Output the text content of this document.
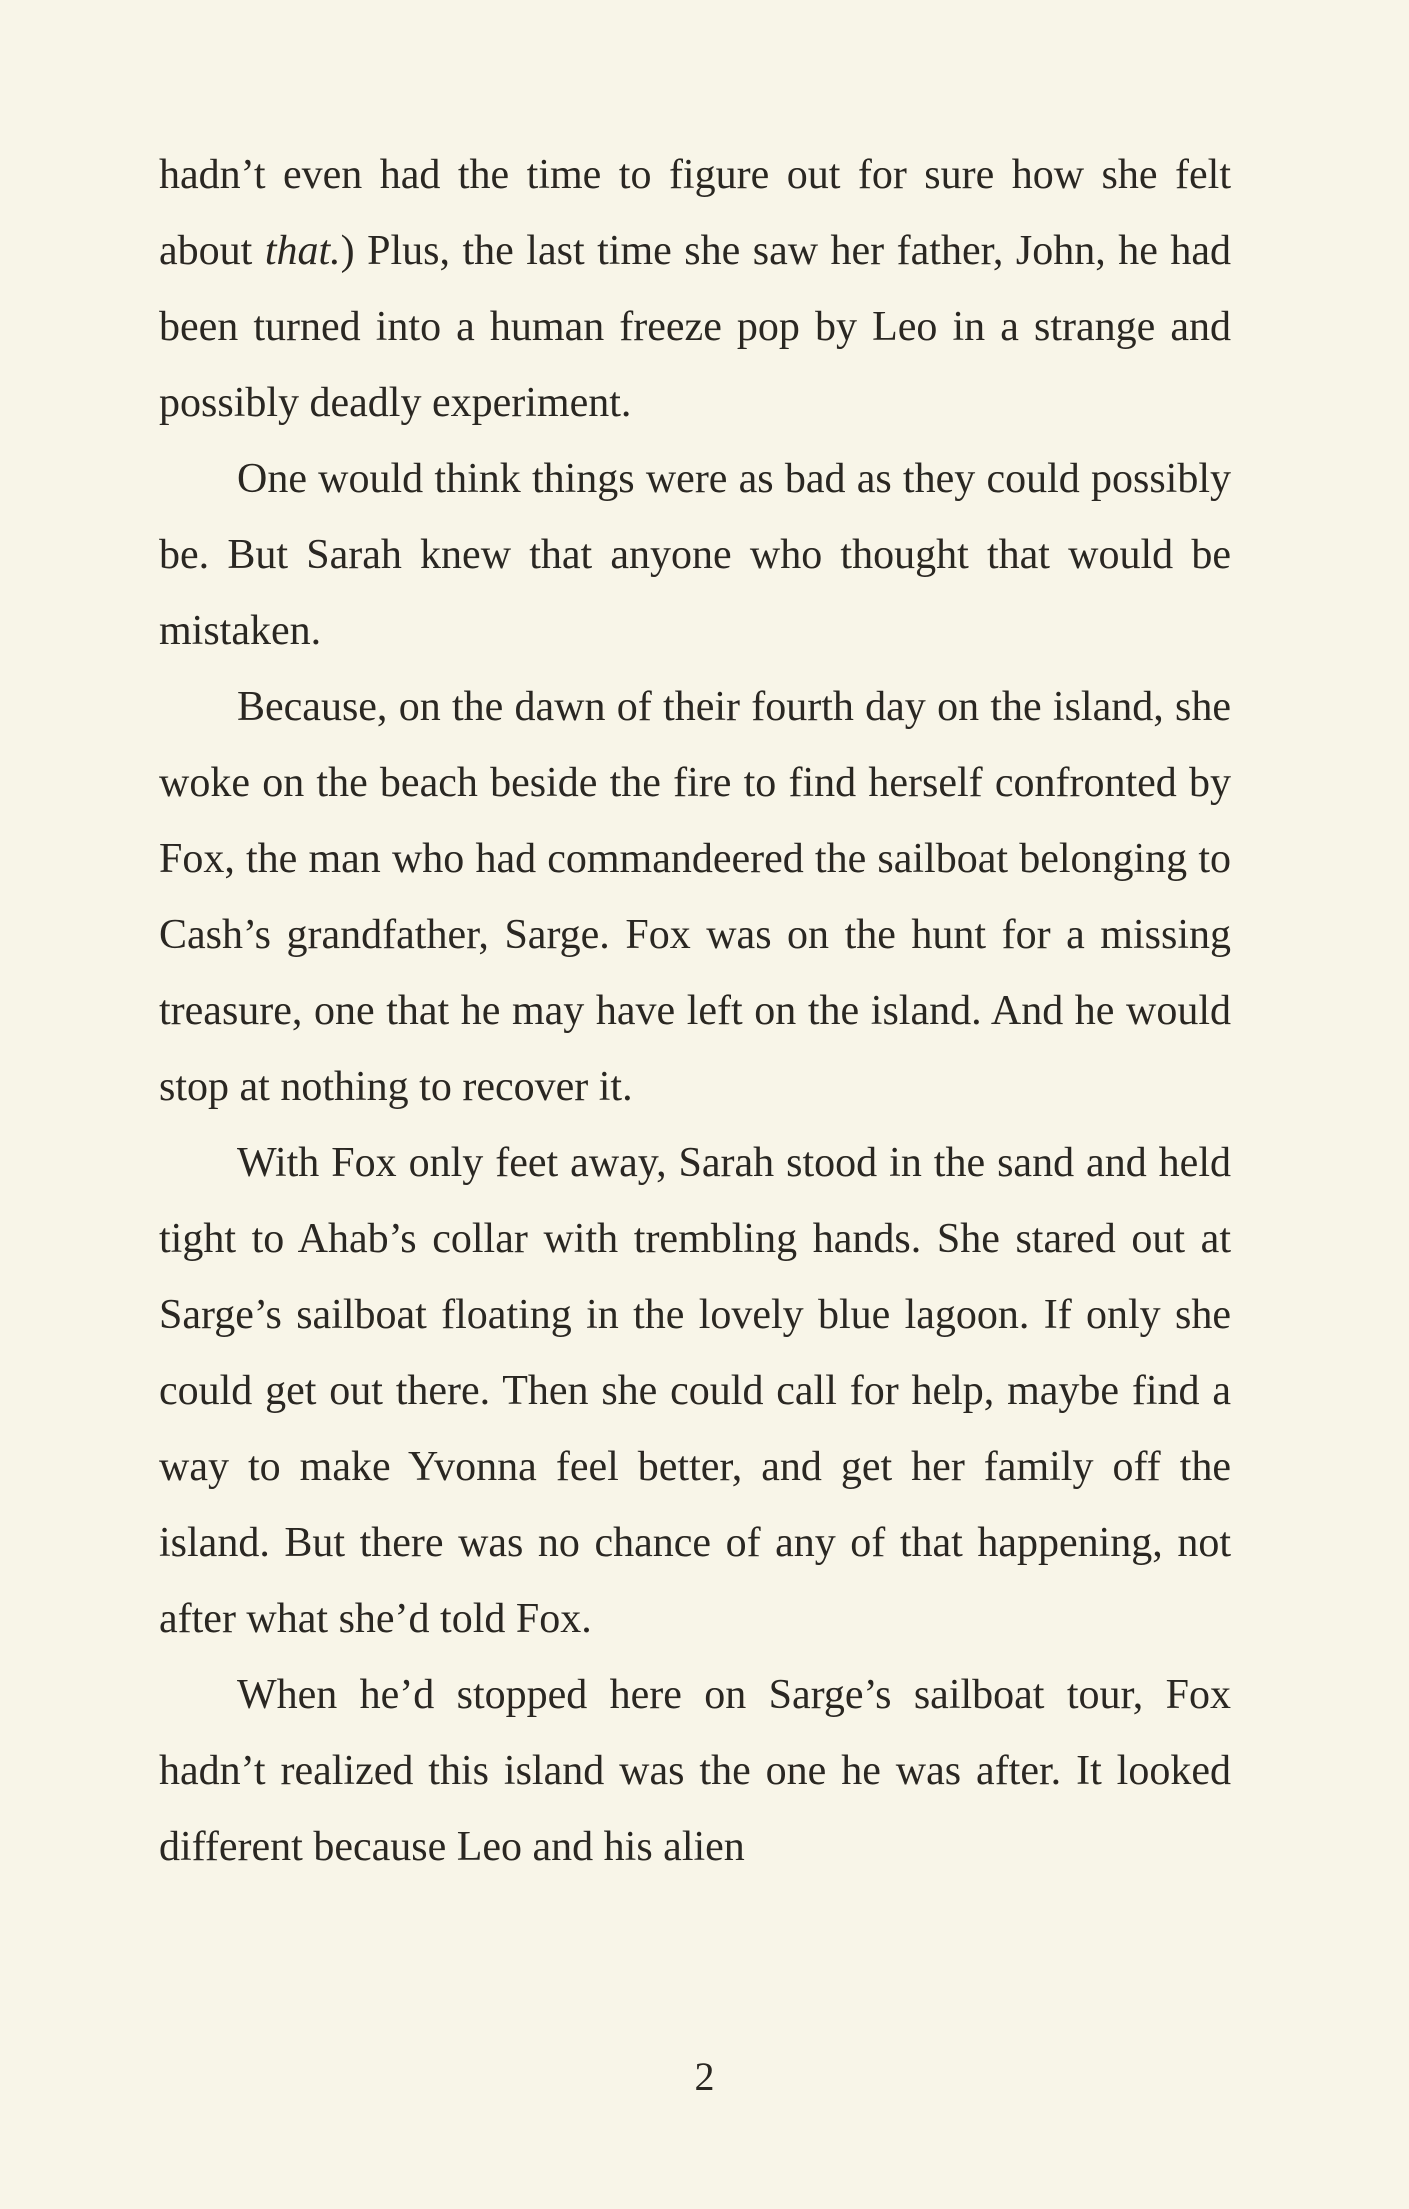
hadn’t even had the time to figure out for sure how she felt about that.) Plus, the last time she saw her father, John, he had been turned into a human freeze pop by Leo in a strange and possibly deadly experiment.

One would think things were as bad as they could possibly be. But Sarah knew that anyone who thought that would be mistaken.

Because, on the dawn of their fourth day on the island, she woke on the beach beside the fire to find herself confronted by Fox, the man who had commandeered the sailboat belonging to Cash’s grandfather, Sarge. Fox was on the hunt for a missing treasure, one that he may have left on the island. And he would stop at nothing to recover it.

With Fox only feet away, Sarah stood in the sand and held tight to Ahab’s collar with trembling hands. She stared out at Sarge’s sailboat floating in the lovely blue lagoon. If only she could get out there. Then she could call for help, maybe find a way to make Yvonna feel better, and get her family off the island. But there was no chance of any of that happening, not after what she’d told Fox.

When he’d stopped here on Sarge’s sailboat tour, Fox hadn’t realized this island was the one he was after. It looked different because Leo and his alien

2
